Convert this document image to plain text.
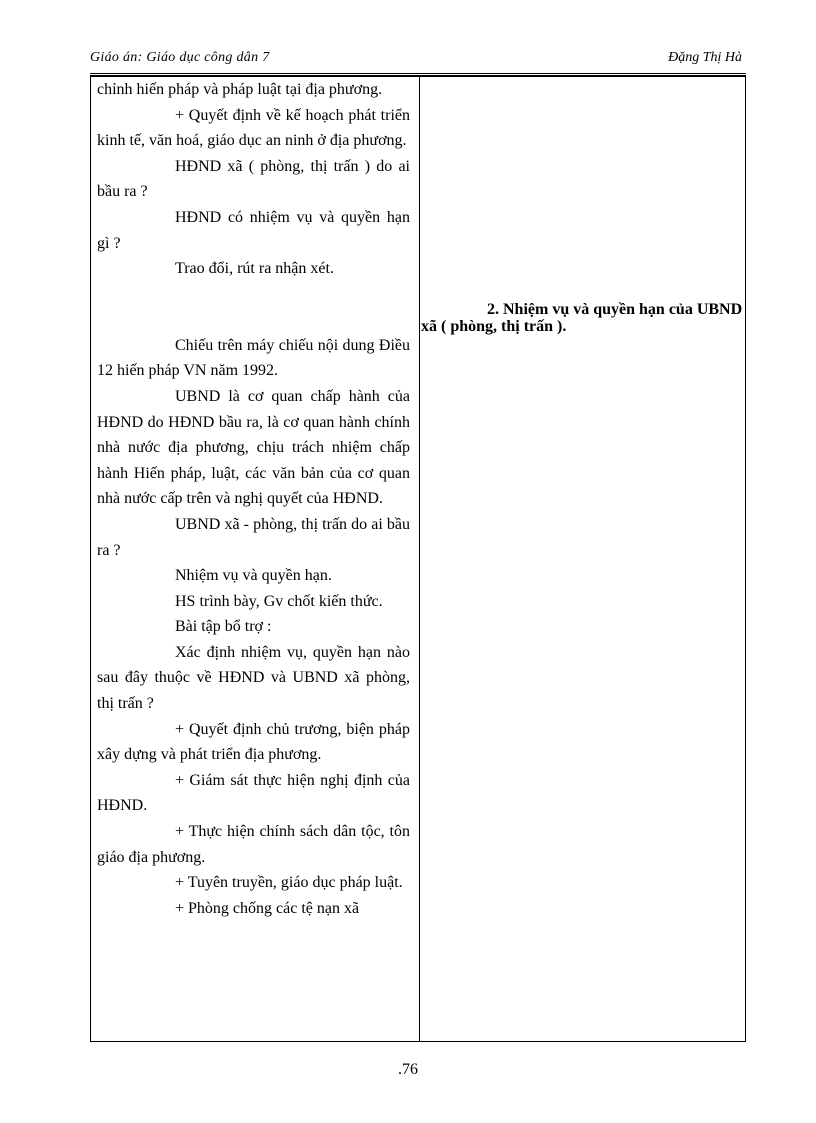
Giáo án: Giáo dục công dân 7	Đặng Thị Hà

chỉnh hiến pháp và pháp luật tại địa phương.

+ Quyết định về kế hoạch phát triển kinh tế, văn hoá, giáo dục an ninh ở địa phương.

HĐND xã ( phòng, thị trấn ) do ai bầu ra ?

HĐND có nhiệm vụ và quyền hạn gì ?

Trao đổi, rút ra nhận xét.

Chiếu trên máy chiếu nội dung Điều 12 hiến pháp VN năm 1992.

UBND là cơ quan chấp hành của HĐND do HĐND bầu ra, là cơ quan hành chính nhà nước địa phương, chịu trách nhiệm chấp hành Hiến pháp, luật, các văn bản của cơ quan nhà nước cấp trên và nghị quyết của HĐND.

UBND xã - phòng, thị trấn do ai bầu ra ?

Nhiệm vụ và quyền hạn.

HS trình bày, Gv chốt kiến thức.

Bài tập bổ trợ :

Xác định nhiệm vụ, quyền hạn nào sau đây thuộc về HĐND và UBND xã phòng, thị trấn ?

+ Quyết định chủ trương, biện pháp xây dựng và phát triển địa phương.

+ Giám sát thực hiện nghị định của HĐND.

+ Thực hiện chính sách dân tộc, tôn giáo địa phương.

+ Tuyên truyền, giáo dục pháp luật.

+ Phòng chống các tệ nạn xã

2. Nhiệm vụ và quyền hạn của UBND xã ( phòng, thị trấn ).

.76
